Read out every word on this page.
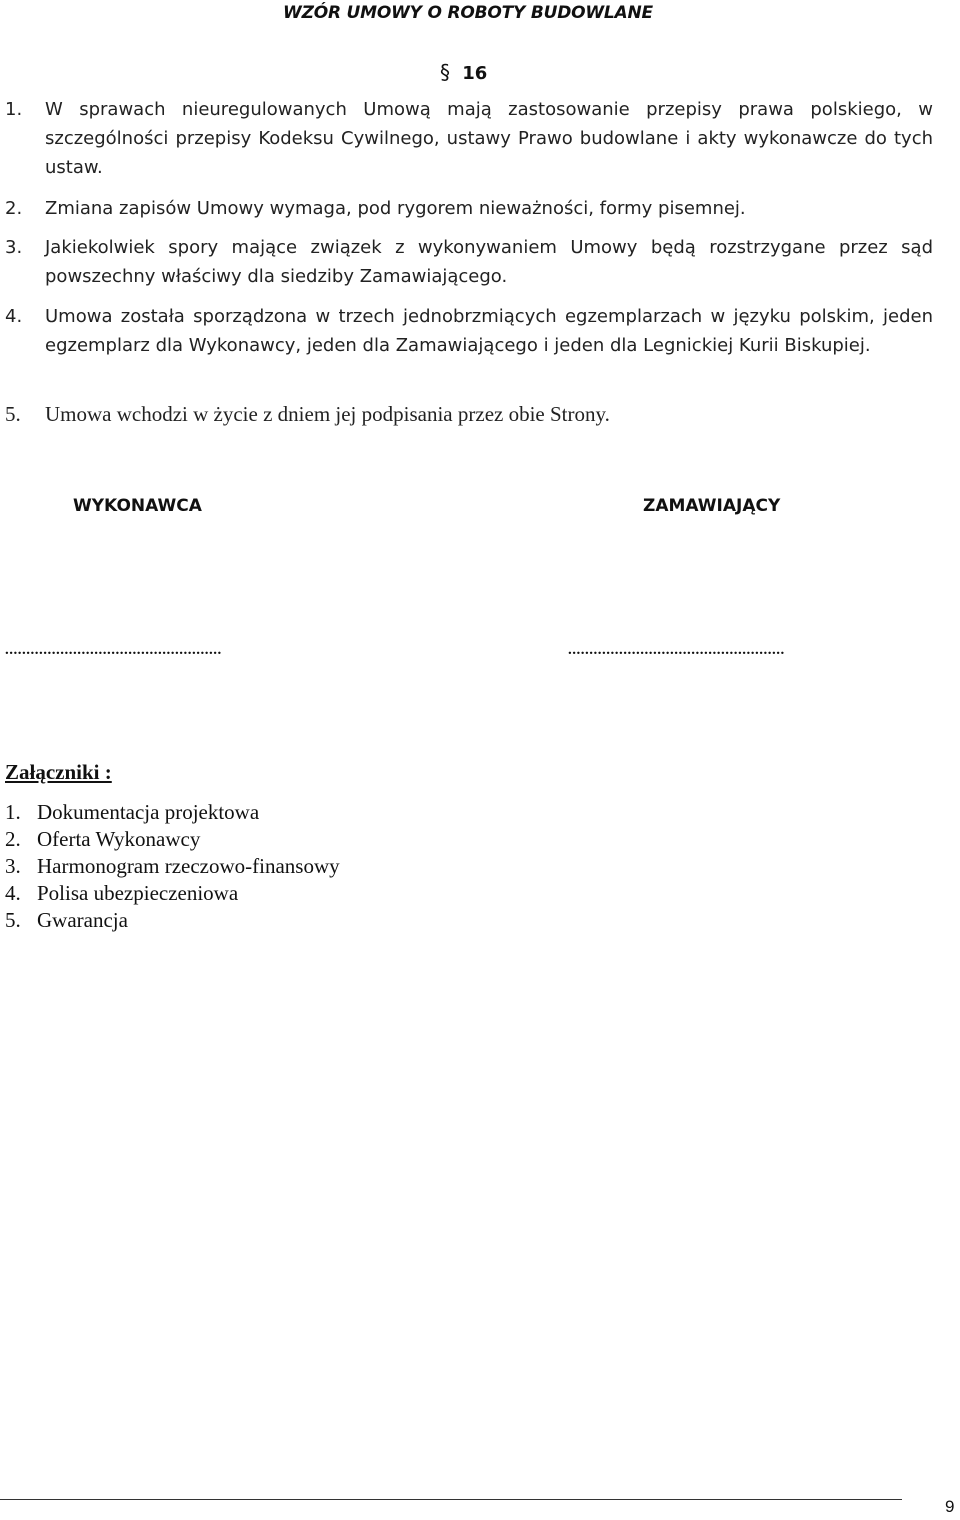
WZÓR UMOWY O ROBOTY BUDOWLANE
§ 16
1. W sprawach nieuregulowanych Umową mają zastosowanie przepisy prawa polskiego, w szczególności przepisy Kodeksu Cywilnego, ustawy Prawo budowlane i akty wykonawcze do tych ustaw.
2. Zmiana zapisów Umowy wymaga, pod rygorem nieważności, formy pisemnej.
3. Jakiekolwiek spory mające związek z wykonywaniem Umowy będą rozstrzygane przez sąd powszechny właściwy dla siedziby Zamawiającego.
4. Umowa została sporządzona w trzech jednobrzmiących egzemplarzach w języku polskim, jeden egzemplarz dla Wykonawcy, jeden dla Zamawiającego i jeden dla Legnickiej Kurii Biskupiej.
5. Umowa wchodzi w życie z dniem jej podpisania przez obie Strony.
WYKONAWCA	ZAMAWIAJĄCY
...................................................	...................................................
Załączniki :
1. Dokumentacja projektowa
2. Oferta Wykonawcy
3. Harmonogram rzeczowo-finansowy
4. Polisa ubezpieczeniowa
5. Gwarancja
9
